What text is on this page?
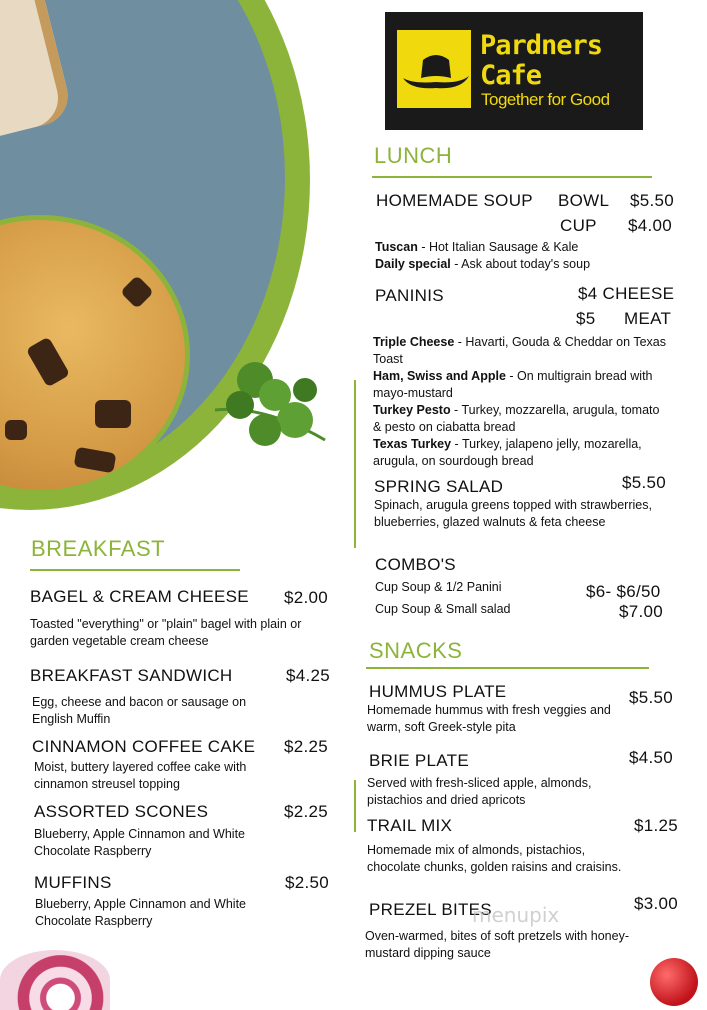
Pardners
Cafe
Together for Good
LUNCH
HOMEMADE SOUP BOWL $5.50
CUP $4.00
Tuscan - Hot Italian Sausage & Kale
Daily special - Ask about today's soup
PANINIS	$4 CHEESE
$5 MEAT
Triple Cheese - Havarti, Gouda & Cheddar on Texas Toast
Ham, Swiss and Apple - On multigrain bread with mayo-mustard
Turkey Pesto - Turkey, mozzarella, arugula, tomato & pesto on ciabatta bread
Texas Turkey - Turkey, jalapeno jelly, mozarella, arugula, on sourdough bread
SPRING SALAD	$5.50
Spinach, arugula greens topped with strawberries, blueberries, glazed walnuts & feta cheese
COMBO'S
Cup Soup & 1/2 Panini	$6- $6/50
Cup Soup & Small salad	$7.00
SNACKS
HUMMUS PLATE	$5.50
Homemade hummus with fresh veggies and warm, soft Greek-style pita
BRIE PLATE	$4.50
Served with fresh-sliced apple, almonds, pistachios and dried apricots
TRAIL MIX	$1.25
Homemade mix of almonds, pistachios, chocolate chunks, golden raisins and craisins.
PREZEL BITES	$3.00
Oven-warmed, bites of soft pretzels with honey-mustard dipping sauce
BREAKFAST
BAGEL & CREAM CHEESE $2.00
Toasted "everything" or "plain" bagel with plain or garden vegetable cream cheese
BREAKFAST SANDWICH	$4.25
Egg, cheese and bacon or sausage on English Muffin
CINNAMON COFFEE CAKE $2.25
Moist, buttery layered coffee cake with cinnamon streusel topping
ASSORTED SCONES	$2.25
Blueberry, Apple Cinnamon and White Chocolate Raspberry
MUFFINS	$2.50
Blueberry, Apple Cinnamon and White Chocolate Raspberry	menupix
